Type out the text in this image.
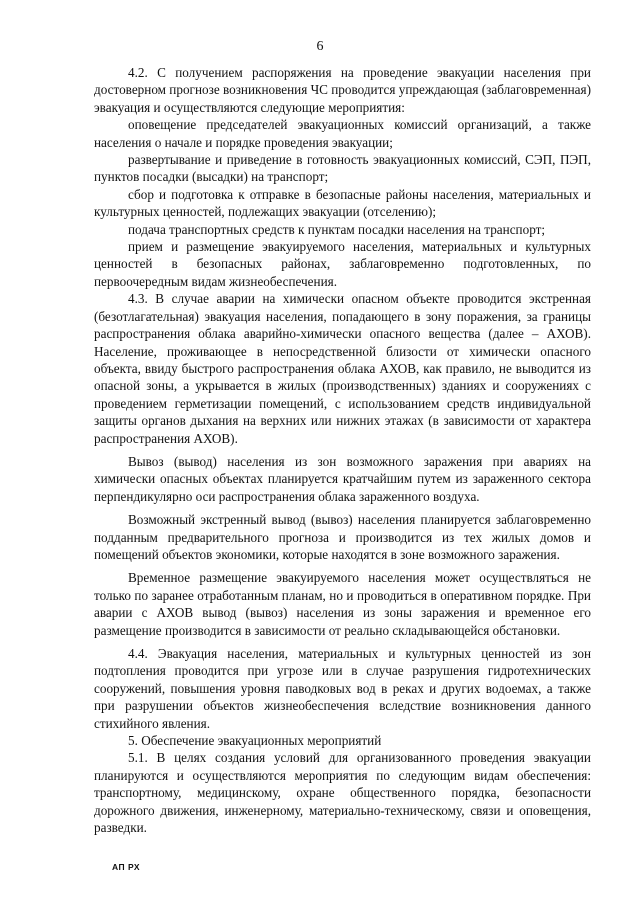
6

4.2. С получением распоряжения на проведение эвакуации населения при достоверном прогнозе возникновения ЧС проводится упреждающая (заблаговременная) эвакуация и осуществляются следующие мероприятия:

оповещение председателей эвакуационных комиссий организаций, а также населения о начале и порядке проведения эвакуации;

развертывание и приведение в готовность эвакуационных комиссий, СЭП, ПЭП, пунктов посадки (высадки) на транспорт;

сбор и подготовка к отправке в безопасные районы населения, материальных и культурных ценностей, подлежащих эвакуации (отселению);

подача транспортных средств к пунктам посадки населения на транспорт;

прием и размещение эвакуируемого населения, материальных и культурных ценностей в безопасных районах, заблаговременно подготовленных, по первоочередным видам жизнеобеспечения.

4.3. В случае аварии на химически опасном объекте проводится экстренная (безотлагательная) эвакуация населения, попадающего в зону поражения, за границы распространения облака аварийно-химически опасного вещества (далее – АХОВ). Население, проживающее в непосредственной близости от химически опасного объекта, ввиду быстрого распространения облака АХОВ, как правило, не выводится из опасной зоны, а укрывается в жилых (производственных) зданиях и сооружениях с проведением герметизации помещений, с использованием средств индивидуальной защиты органов дыхания на верхних или нижних этажах (в зависимости от характера распространения АХОВ).

Вывоз (вывод) населения из зон возможного заражения при авариях на химически опасных объектах планируется кратчайшим путем из зараженного сектора перпендикулярно оси распространения облака зараженного воздуха.

Возможный экстренный вывод (вывоз) населения планируется заблаговременно подданным предварительного прогноза и производится из тех жилых домов и помещений объектов экономики, которые находятся в зоне возможного заражения.

Временное размещение эвакуируемого населения может осуществляться не только по заранее отработанным планам, но и проводиться в оперативном порядке. При аварии с АХОВ вывод (вывоз) населения из зоны заражения и временное его размещение производится в зависимости от реально складывающейся обстановки.

4.4. Эвакуация населения, материальных и культурных ценностей из зон подтопления проводится при угрозе или в случае разрушения гидротехнических сооружений, повышения уровня паводковых вод в реках и других водоемах, а также при разрушении объектов жизнеобеспечения вследствие возникновения данного стихийного явления.

5. Обеспечение эвакуационных мероприятий

5.1. В целях создания условий для организованного проведения эвакуации планируются и осуществляются мероприятия по следующим видам обеспечения: транспортному, медицинскому, охране общественного порядка, безопасности дорожного движения, инженерному, материально-техническому, связи и оповещения, разведки.

АП РХ
